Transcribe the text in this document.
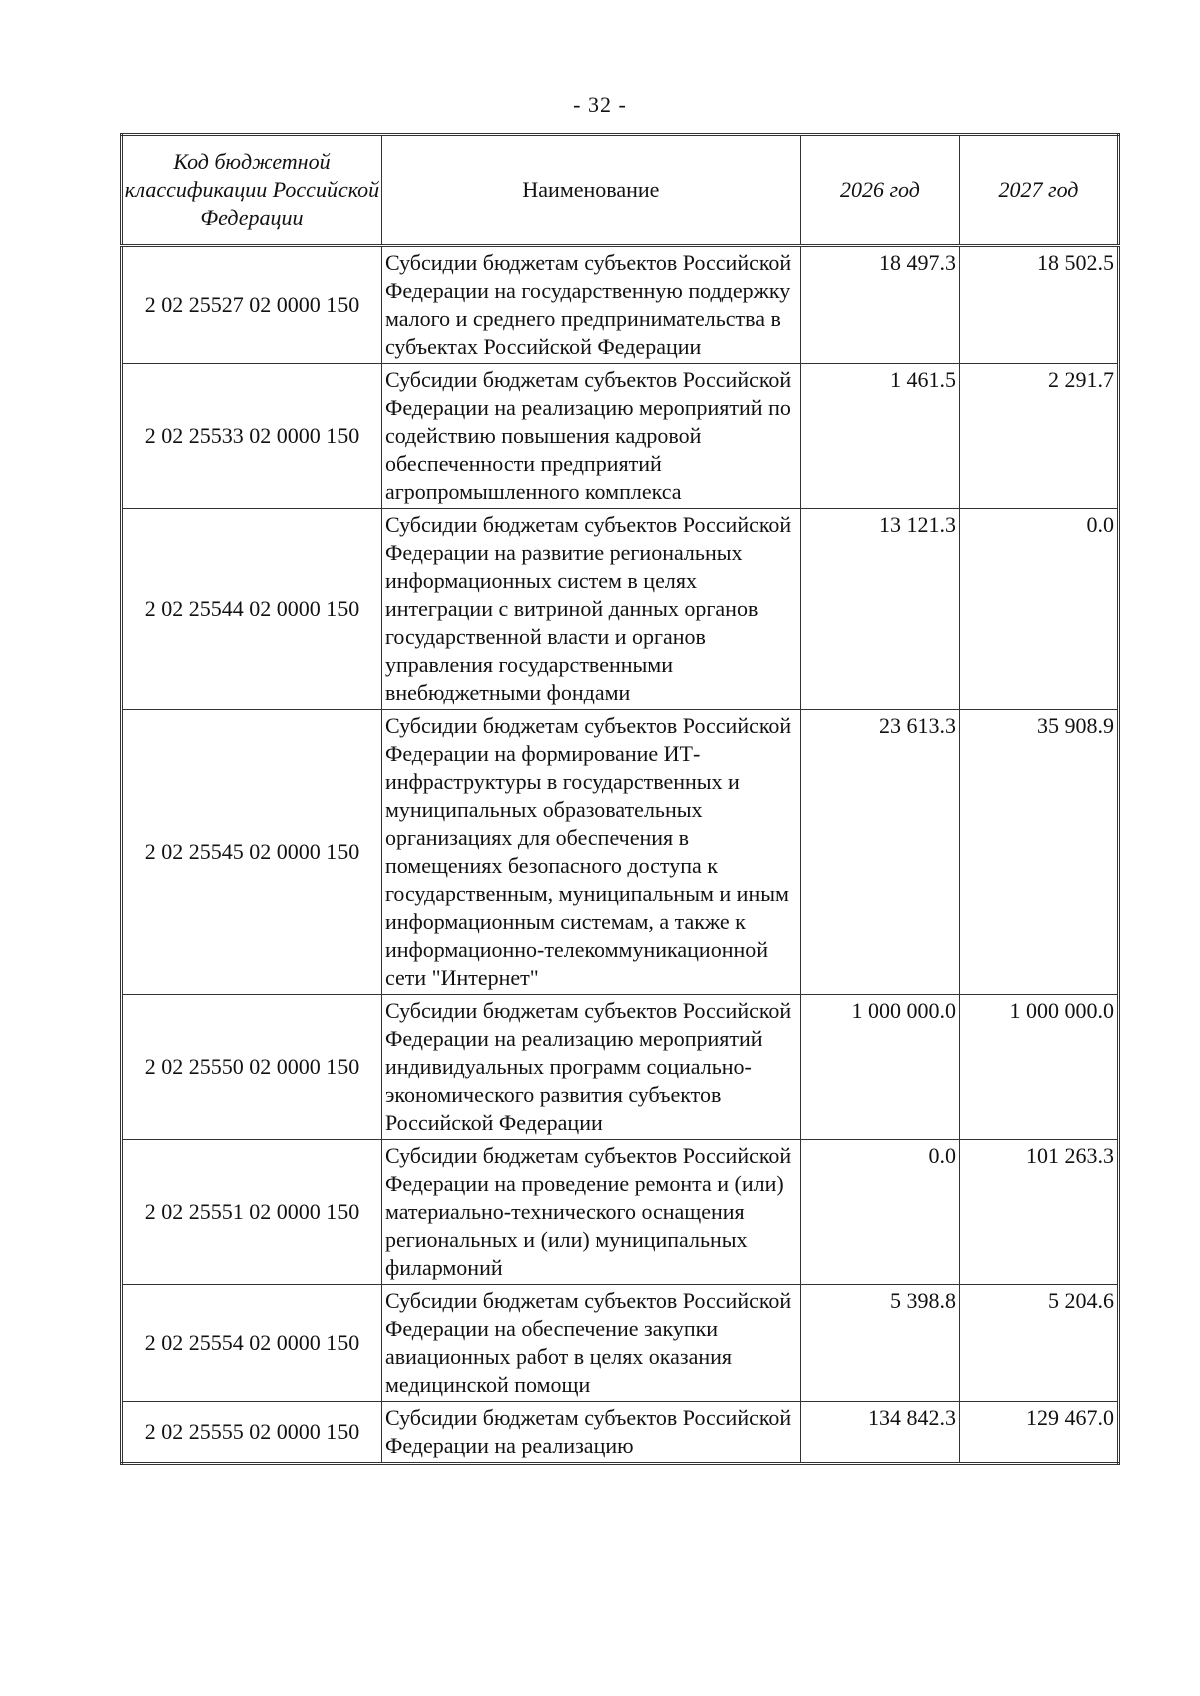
- 32 -
Код бюджетной классификации Российской Федерации	Наименование	2026 год	2027 год
2 02 25527 02 0000 150	Субсидии бюджетам субъектов Российской Федерации на государственную поддержку малого и среднего предпринимательства в субъектах Российской Федерации	18 497.3	18 502.5
2 02 25533 02 0000 150	Субсидии бюджетам субъектов Российской Федерации на реализацию мероприятий по содействию повышения кадровой обеспеченности предприятий агропромышленного комплекса	1 461.5	2 291.7
2 02 25544 02 0000 150	Субсидии бюджетам субъектов Российской Федерации на развитие региональных информационных систем в целях интеграции с витриной данных органов государственной власти и органов управления государственными внебюджетными фондами	13 121.3	0.0
2 02 25545 02 0000 150	Субсидии бюджетам субъектов Российской Федерации на формирование ИТ-инфраструктуры в государственных и муниципальных образовательных организациях для обеспечения в помещениях безопасного доступа к государственным, муниципальным и иным информационным системам, а также к информационно-телекоммуникационной сети "Интернет"	23 613.3	35 908.9
2 02 25550 02 0000 150	Субсидии бюджетам субъектов Российской Федерации на реализацию мероприятий индивидуальных программ социально-экономического развития субъектов Российской Федерации	1 000 000.0	1 000 000.0
2 02 25551 02 0000 150	Субсидии бюджетам субъектов Российской Федерации на проведение ремонта и (или) материально-технического оснащения региональных и (или) муниципальных филармоний	0.0	101 263.3
2 02 25554 02 0000 150	Субсидии бюджетам субъектов Российской Федерации на обеспечение закупки авиационных работ в целях оказания медицинской помощи	5 398.8	5 204.6
2 02 25555 02 0000 150	Субсидии бюджетам субъектов Российской Федерации на реализацию	134 842.3	129 467.0
